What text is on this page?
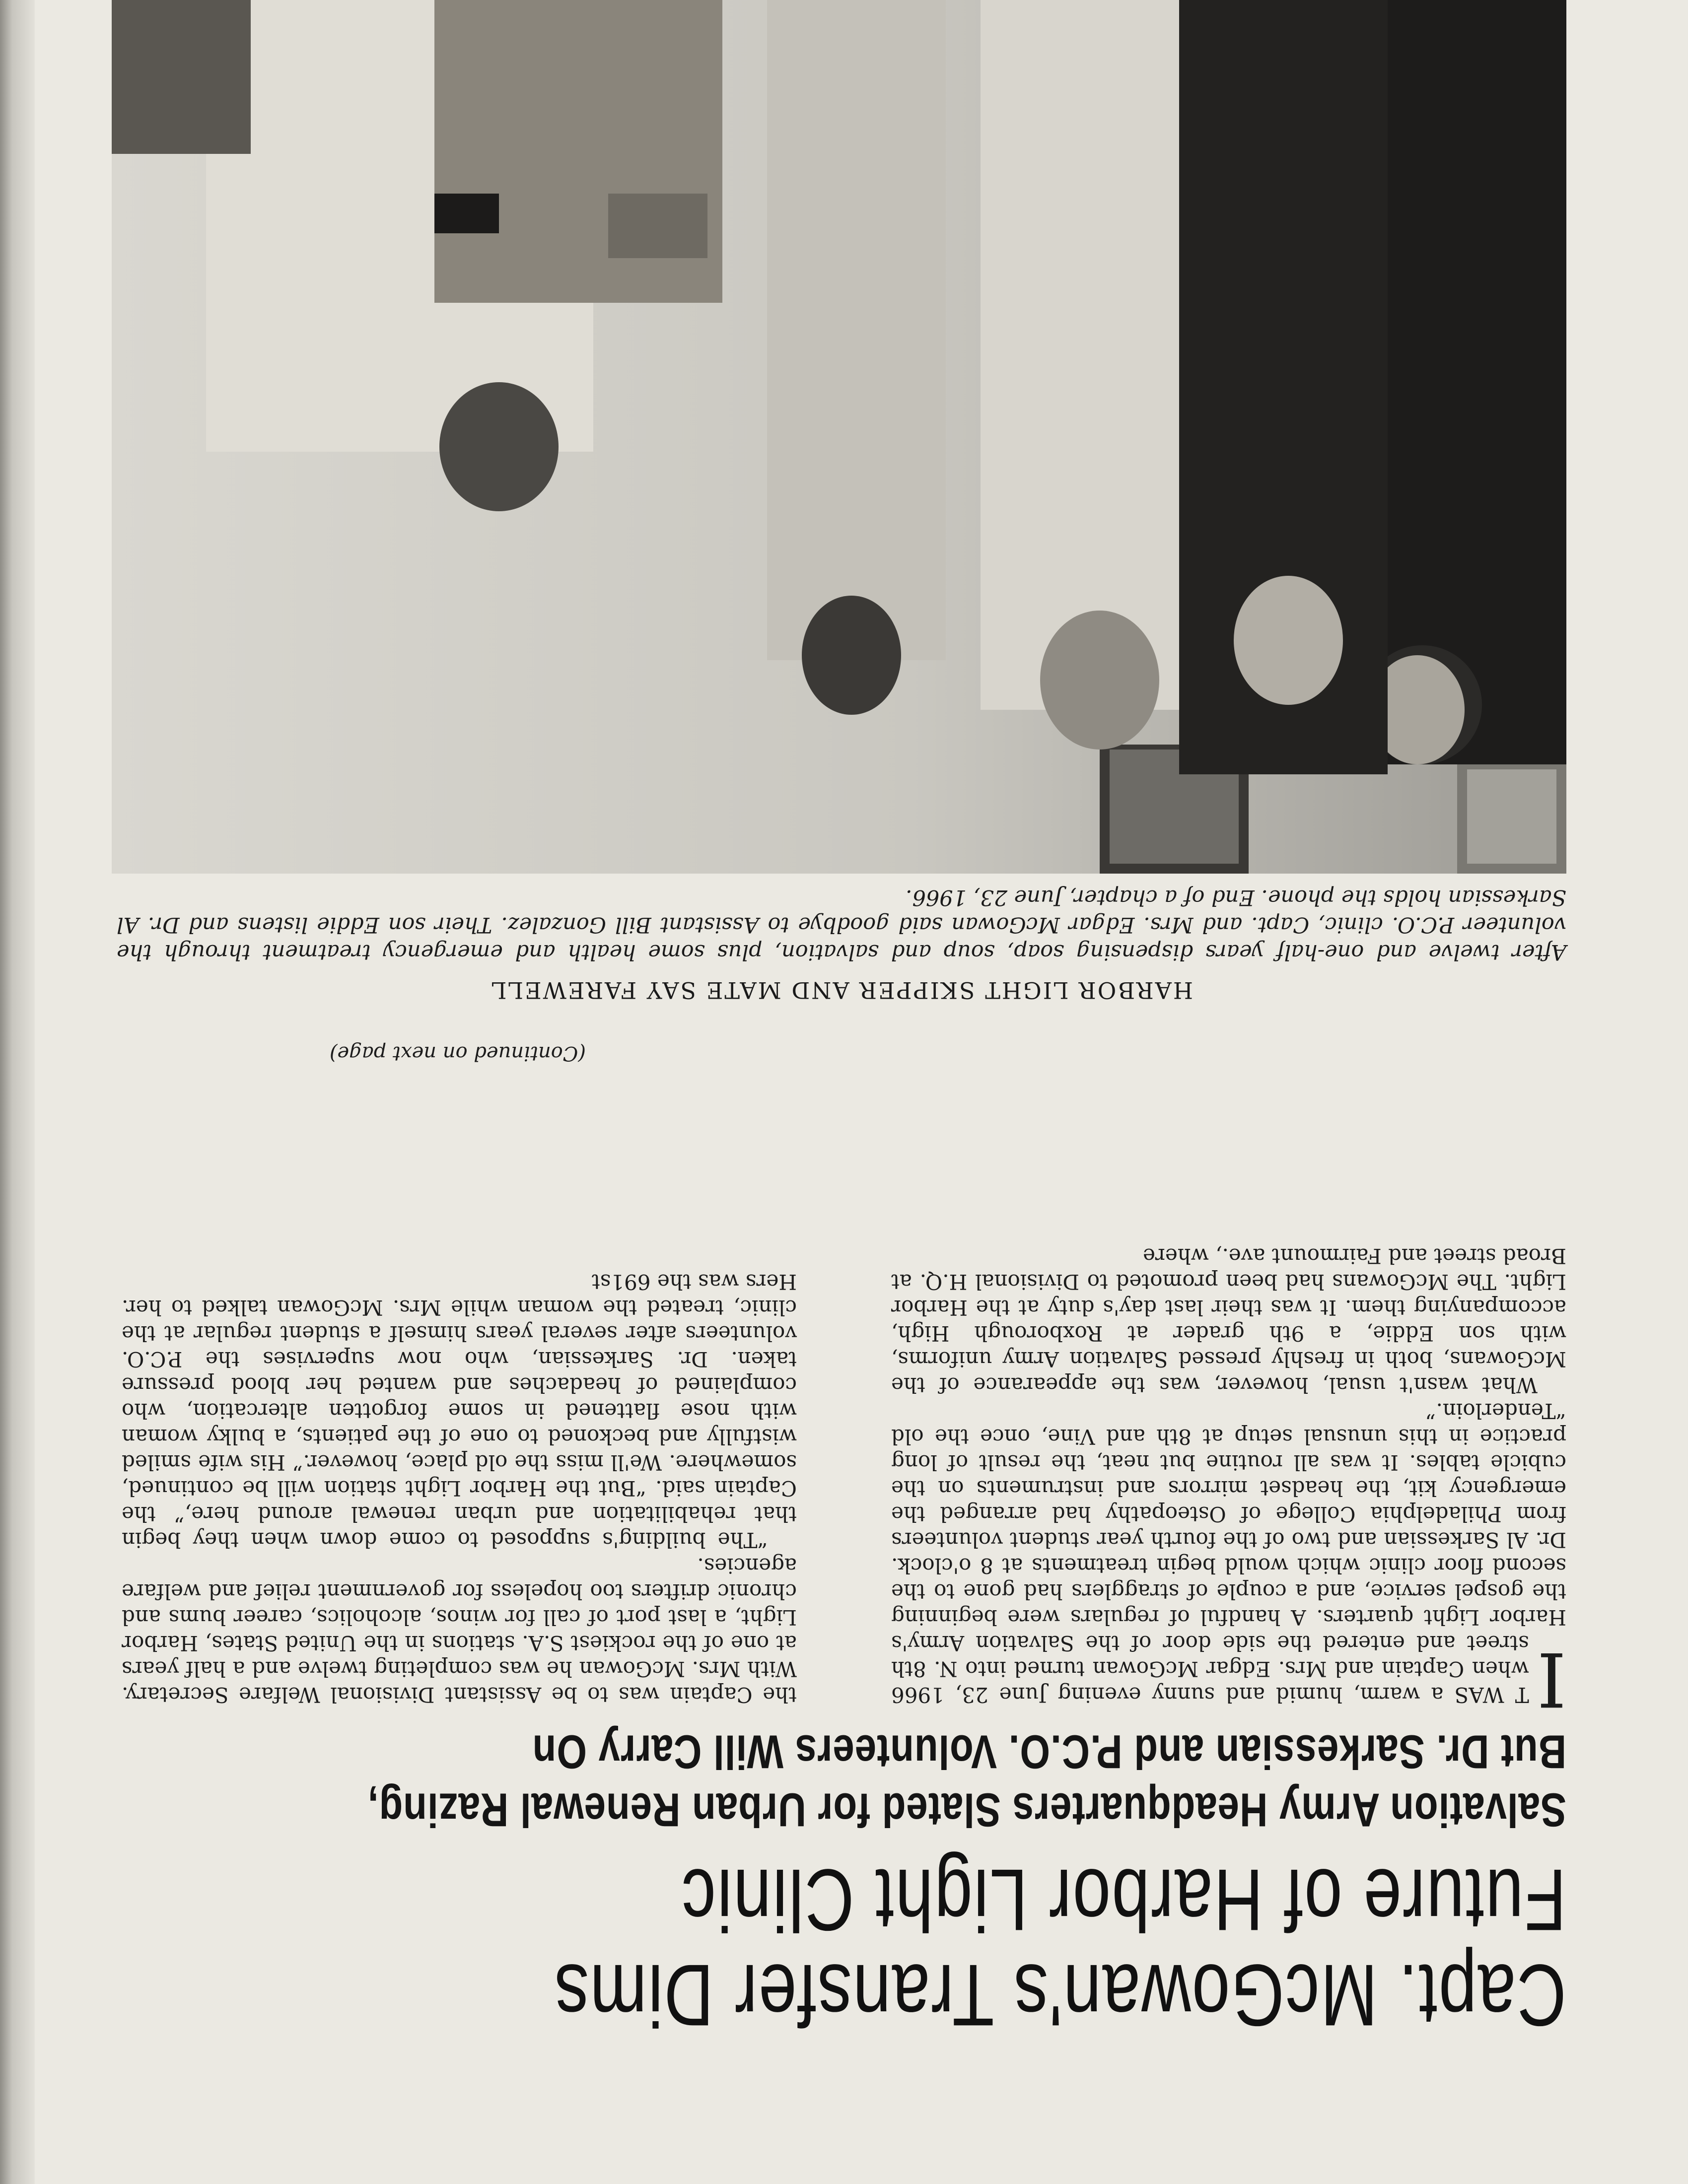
Capt. McGowan's Transfer Dims
Future of Harbor Light Clinic
Salvation Army Headquarters Slated for Urban Renewal Razing,
But Dr. Sarkessian and P.C.O. Volunteers Will Carry On

I
T WAS a warm, humid and sunny evening June 23, 1966 when Captain and Mrs. Edgar McGowan turned into N. 8th street and entered the side door of the Salvation Army's Harbor Light quarters. A handful of regulars were beginning the gospel service, and a couple of stragglers had gone to the second floor clinic which would begin treatments at 8 o'clock. Dr. Al Sarkessian and two of the fourth year student volunteers from Philadelphia College of Osteopathy had arranged the emergency kit, the headset mirrors and instruments on the cubicle tables. It was all routine but neat, the result of long practice in this unusual setup at 8th and Vine, once the old “Tenderloin.”

What wasn't usual, however, was the appearance of the McGowans, both in freshly pressed Salvation Army uniforms, with son Eddie, a 9th grader at Roxborough High, accompanying them. It was their last day's duty at the Harbor Light. The McGowans had been promoted to Divisional H.Q. at Broad street and Fairmount ave., where

the Captain was to be Assistant Divisional Welfare Secretary. With Mrs. McGowan he was completing twelve and a half years at one of the rockiest S.A. stations in the United States, Harbor Light, a last port of call for winos, alcoholics, career bums and chronic drifters too hopeless for government relief and welfare agencies.

“The building's supposed to come down when they begin that rehabilitation and urban renewal around here,” the Captain said. “But the Harbor Light station will be continued, somewhere. We'll miss the old place, however.” His wife smiled wistfully and beckoned to one of the patients, a bulky woman with nose flattened in some forgotten altercation, who complained of headaches and wanted her blood pressure taken. Dr. Sarkessian, who now supervises the P.C.O. volunteers after several years himself a student regular at the clinic, treated the woman while Mrs. McGowan talked to her. Hers was the 691st

(Continued on next page)

HARBOR LIGHT SKIPPER AND MATE SAY FAREWELL

After twelve and one-half years dispensing soap, soup and salvation, plus some health and emergency treatment through the volunteer P.C.O. clinic, Capt. and Mrs. Edgar McGowan said goodbye to Assistant Bill Gonzalez. Their son Eddie listens and Dr. Al Sarkessian holds the phone. End of a chapter, June 23, 1966.
